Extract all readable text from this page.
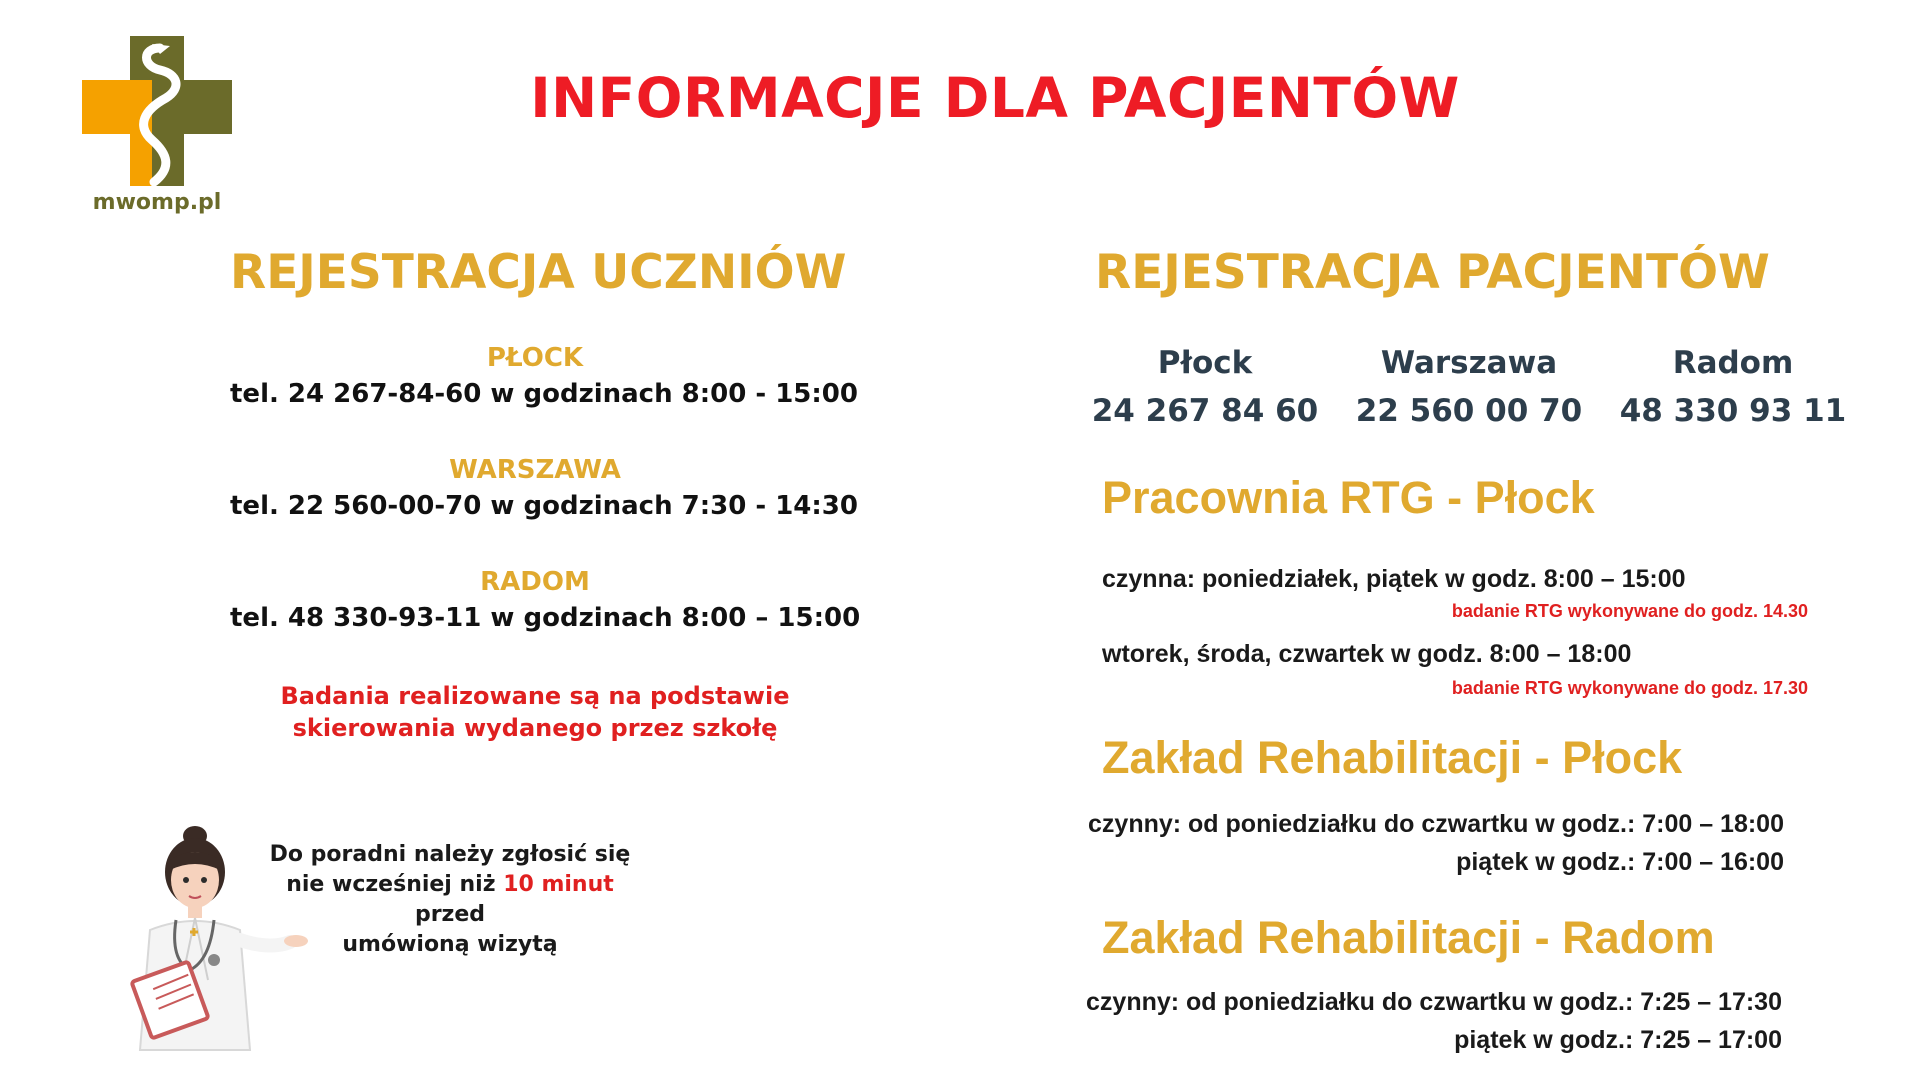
mwomp.pl
INFORMACJE DLA PACJENTÓW
REJESTRACJA UCZNIÓW
PŁOCK
tel. 24 267-84-60 w godzinach 8:00 - 15:00
WARSZAWA
tel. 22 560-00-70 w godzinach 7:30 - 14:30
RADOM
tel. 48 330-93-11 w godzinach 8:00 – 15:00
Badania realizowane są na podstawie
skierowania wydanego przez szkołę
Do poradni należy zgłosić się
nie wcześniej niż 10 minut przed
umówioną wizytą
REJESTRACJA PACJENTÓW
Płock
24 267 84 60
Warszawa
22 560 00 70
Radom
48 330 93 11
Pracownia RTG - Płock
czynna: poniedziałek, piątek w godz. 8:00 – 15:00
badanie RTG wykonywane do godz. 14.30
wtorek, środa, czwartek w godz. 8:00 – 18:00
badanie RTG wykonywane do godz. 17.30
Zakład Rehabilitacji - Płock
czynny: od poniedziałku do czwartku w godz.: 7:00 – 18:00
piątek w godz.: 7:00 – 16:00
Zakład Rehabilitacji - Radom
czynny: od poniedziałku do czwartku w godz.: 7:25 – 17:30
piątek w godz.: 7:25 – 17:00
